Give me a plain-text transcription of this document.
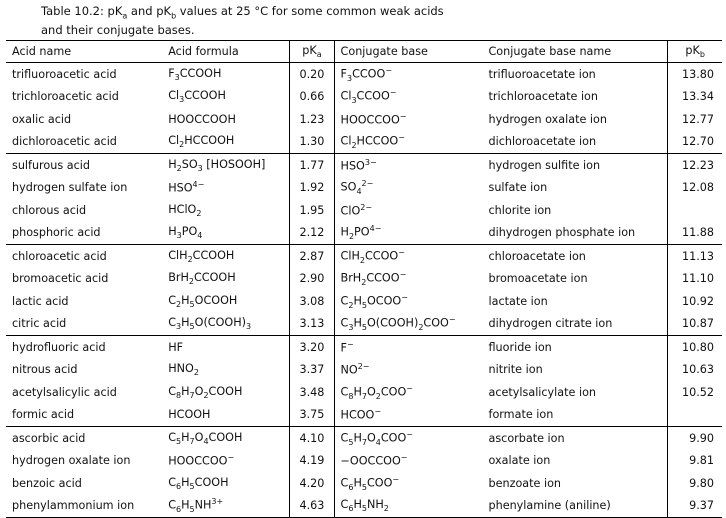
Table 10.2: $pK_a$ and $pK_b$ values at 25 °C for some common weak acids

and their conjugate bases.

Acid name	Acid formula	$pK_a$	Conjugate base	Conjugate base name	$pK_b$
trifluoroacetic acid	$F_3CCOOH$	0.20	$F_3CCOO^-$	trifluoroacetate ion	13.80
trichloroacetic acid	$Cl_3CCOOH$	0.66	$Cl_3CCOO^-$	trichloroacetate ion	13.34
oxalic acid	HOOCCOOH	1.23	HOOCCOO−	hydrogen oxalate ion	12.77
dichloroacetic acid	$Cl_2HCCOOH$	1.30	$Cl_2HCCOO^-$	dichloroacetate ion	12.70
sulfurous acid	$H_2SO_3$ [HOSOOH]	1.77	$HSO^{3-}$	hydrogen sulfite ion	12.23
hydrogen sulfate ion	$HSO^{4-}$	1.92	$SO_4^{2-}$	sulfate ion	12.08
chlorous acid	HClO$_2$	1.95	ClO$^{2-}$	chlorite ion	
phosphoric acid	$H_3PO_4$	2.12	$H_2PO^{4-}$	dihydrogen phosphate ion	11.88
chloroacetic acid	ClH$_2$CCOOH	2.87	ClH$_2$CCOO−	chloroacetate ion	11.13
bromoacetic acid	BrH$_2$CCOOH	2.90	BrH$_2$CCOO−	bromoacetate ion	11.10
lactic acid	$C_2H_5OCOOH$	3.08	$C_2H_5OCOO^-$	lactate ion	10.92
citric acid	$C_3H_5O(COOH)_3$	3.13	$C_3H_5O(COOH)_2COO^-$	dihydrogen citrate ion	10.87
hydrofluoric acid	HF	3.20	F−	fluoride ion	10.80
nitrous acid	$HNO_2$	3.37	$NO^{2-}$	nitrite ion	10.63
acetylsalicylic acid	$C_8H_7O_2COOH$	3.48	$C_8H_7O_2COO^-$	acetylsalicylate ion	10.52
formic acid	HCOOH	3.75	HCOO−	formate ion	
ascorbic acid	$C_5H_7O_4COOH$	4.10	$C_5H_7O_4COO^-$	ascorbate ion	9.90
hydrogen oxalate ion	HOOCCOO−	4.19	−OOCCOO−	oxalate ion	9.81
benzoic acid	$C_6H_5COOH$	4.20	$C_6H_5COO^-$	benzoate ion	9.80
phenylammonium ion	$C_6H_5NH^{3+}$	4.63	$C_6H_5NH_2$	phenylamine (aniline)	9.37
